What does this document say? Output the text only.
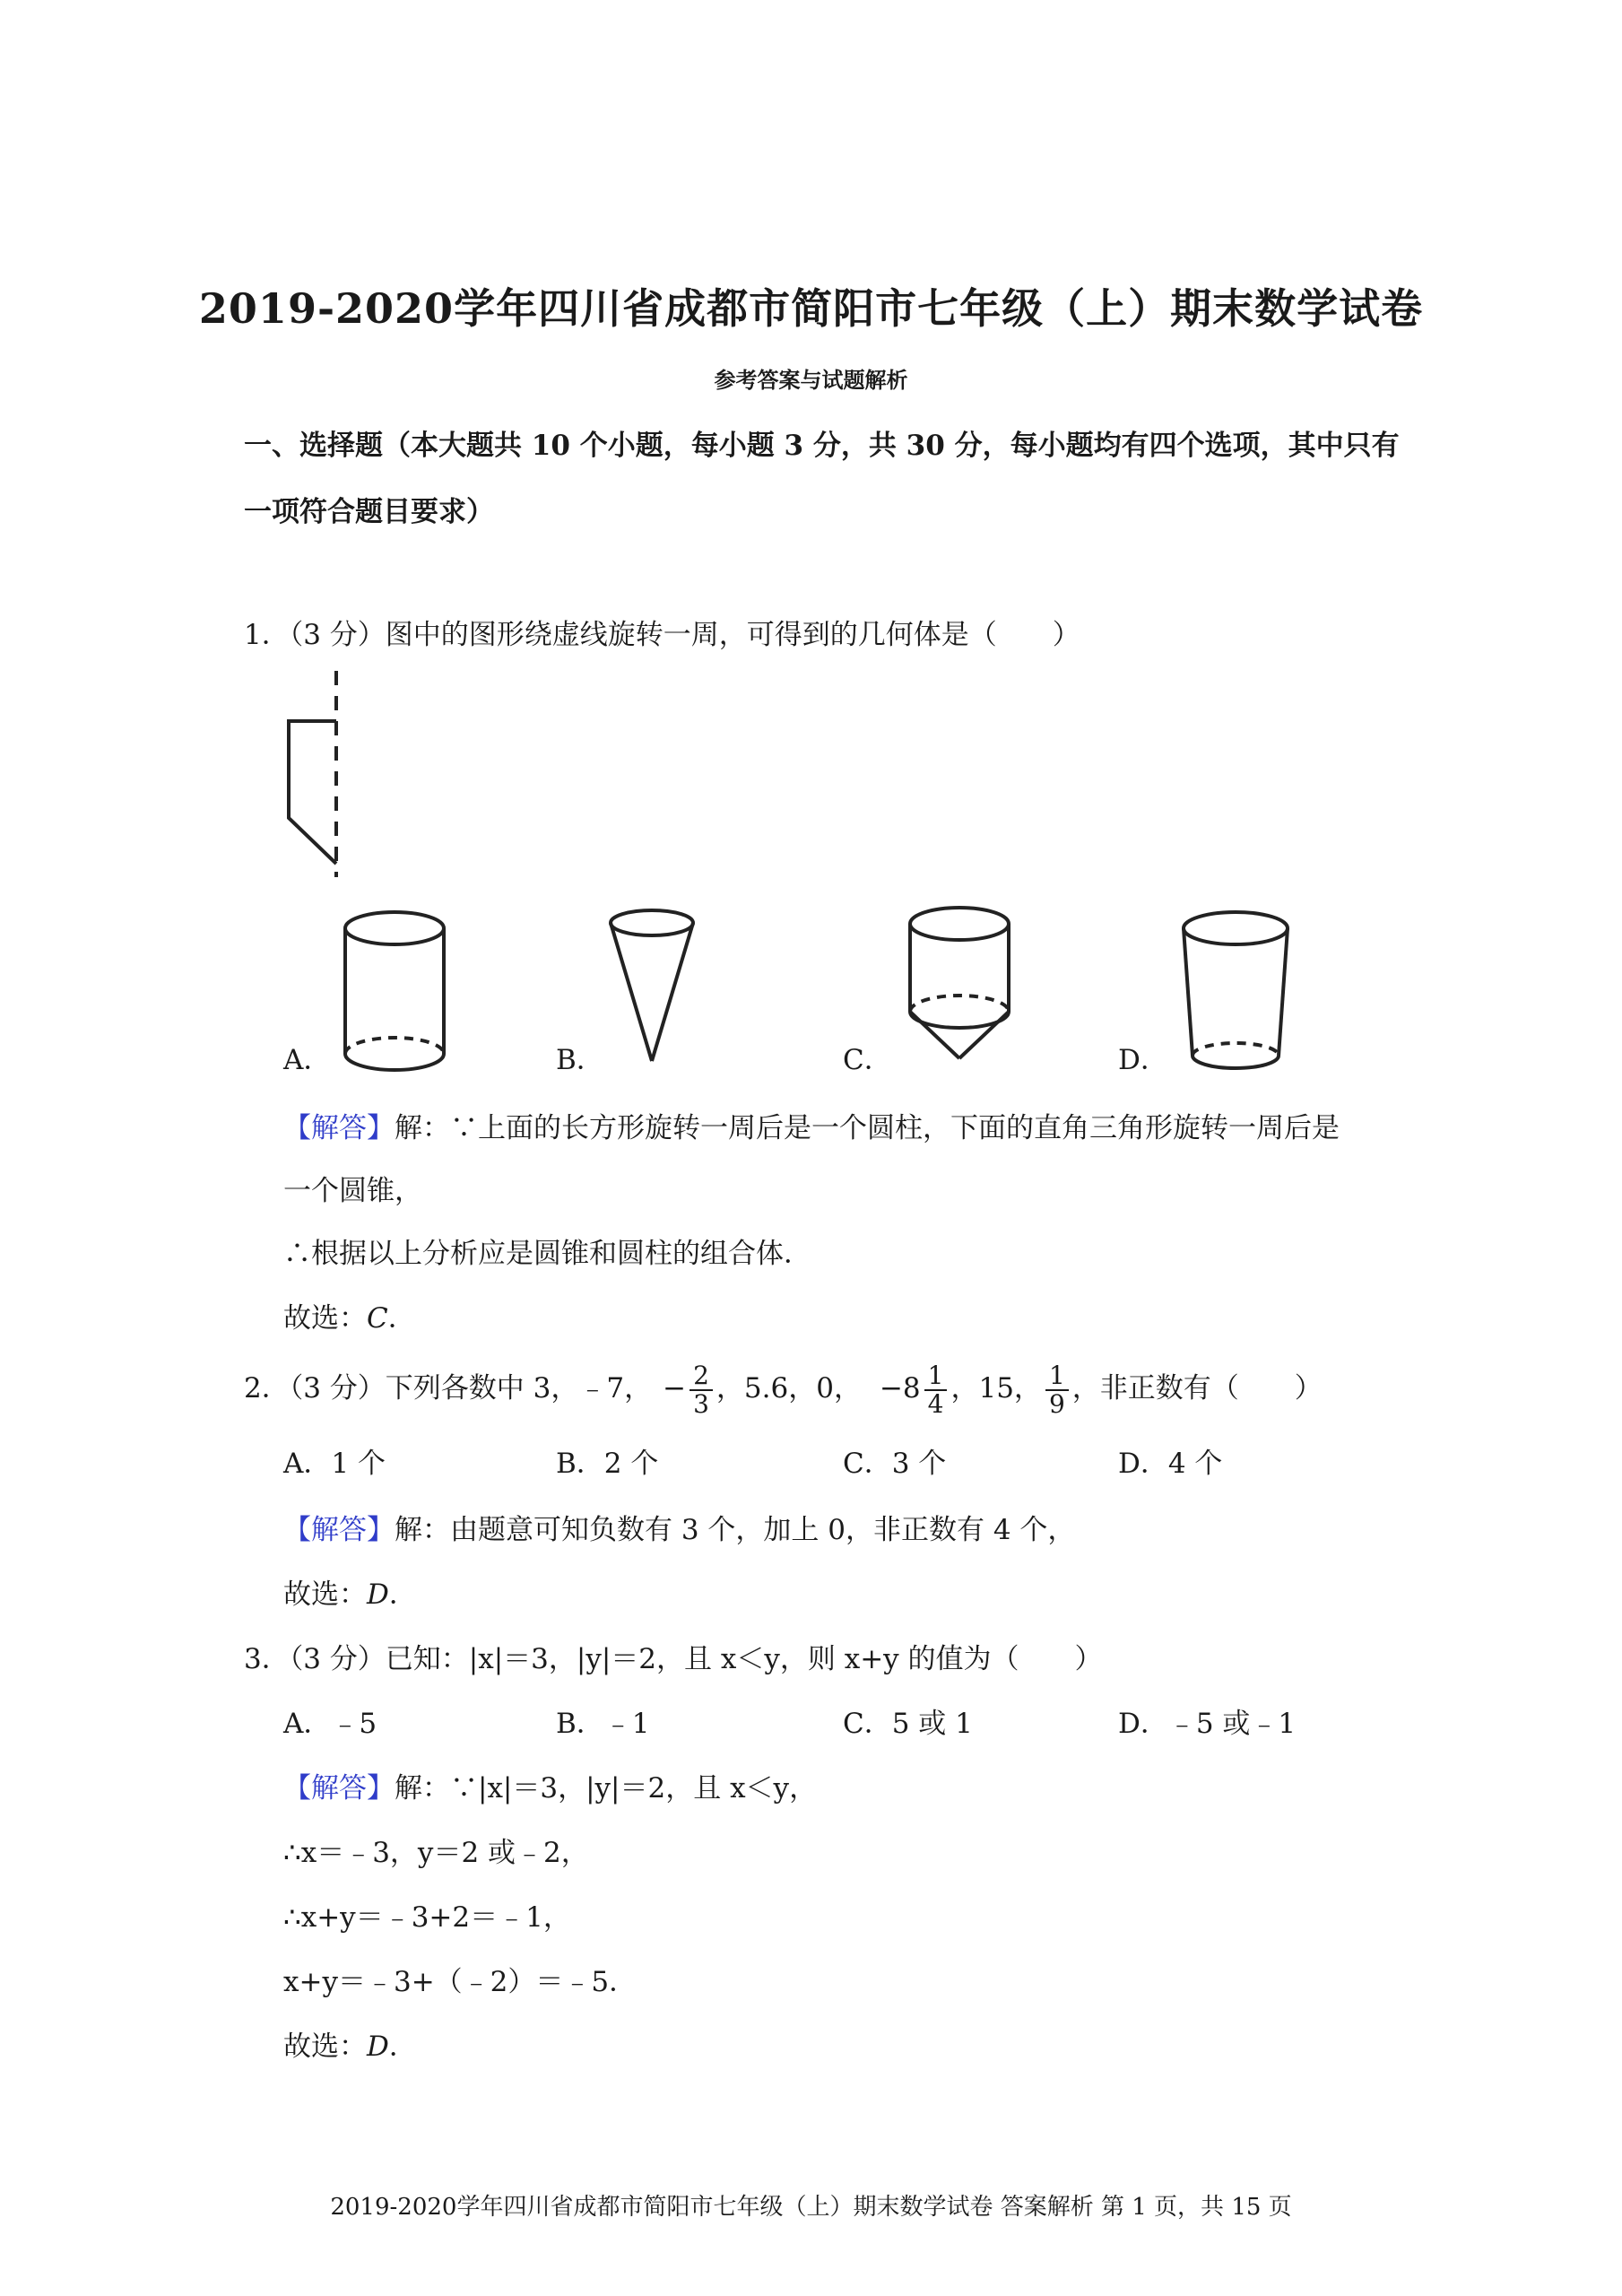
2019-2020学年四川省成都市简阳市七年级（上）期末数学试卷
参考答案与试题解析
一、选择题（本大题共 10 个小题，每小题 3 分，共 30 分，每小题均有四个选项，其中只有一项符合题目要求）
1．（3 分）图中的图形绕虚线旋转一周，可得到的几何体是（　　）
A．	B．	C．	D．
【解答】解：∵上面的长方形旋转一周后是一个圆柱，下面的直角三角形旋转一周后是
一个圆锥，
∴根据以上分析应是圆锥和圆柱的组合体．
故选：C．
2．（3 分）下列各数中 3，﹣7， − $\frac{2}{3}$ ，5.6，0， $-8 \frac{1}{4}$ ，15， $\frac{1}{9}$ ，非正数有（　　）
A．1 个	B．2 个	C．3 个	D．4 个
【解答】解：由题意可知负数有 3 个，加上 0，非正数有 4 个，
故选：D．
3．（3 分）已知：|x|＝3，|y|＝2，且 x＜y，则 x+y 的值为（　　）
A．﹣5	B．﹣1	C．5 或 1	D．﹣5 或﹣1
【解答】解：∵|x|＝3，|y|＝2，且 x＜y，
∴x＝﹣3，y＝2 或﹣2，
∴x+y＝﹣3+2＝﹣1，
x+y＝﹣3+（﹣2）＝﹣5．
故选：D．
2019-2020学年四川省成都市简阳市七年级（上）期末数学试卷 答案解析 第 1 页，共 15 页
